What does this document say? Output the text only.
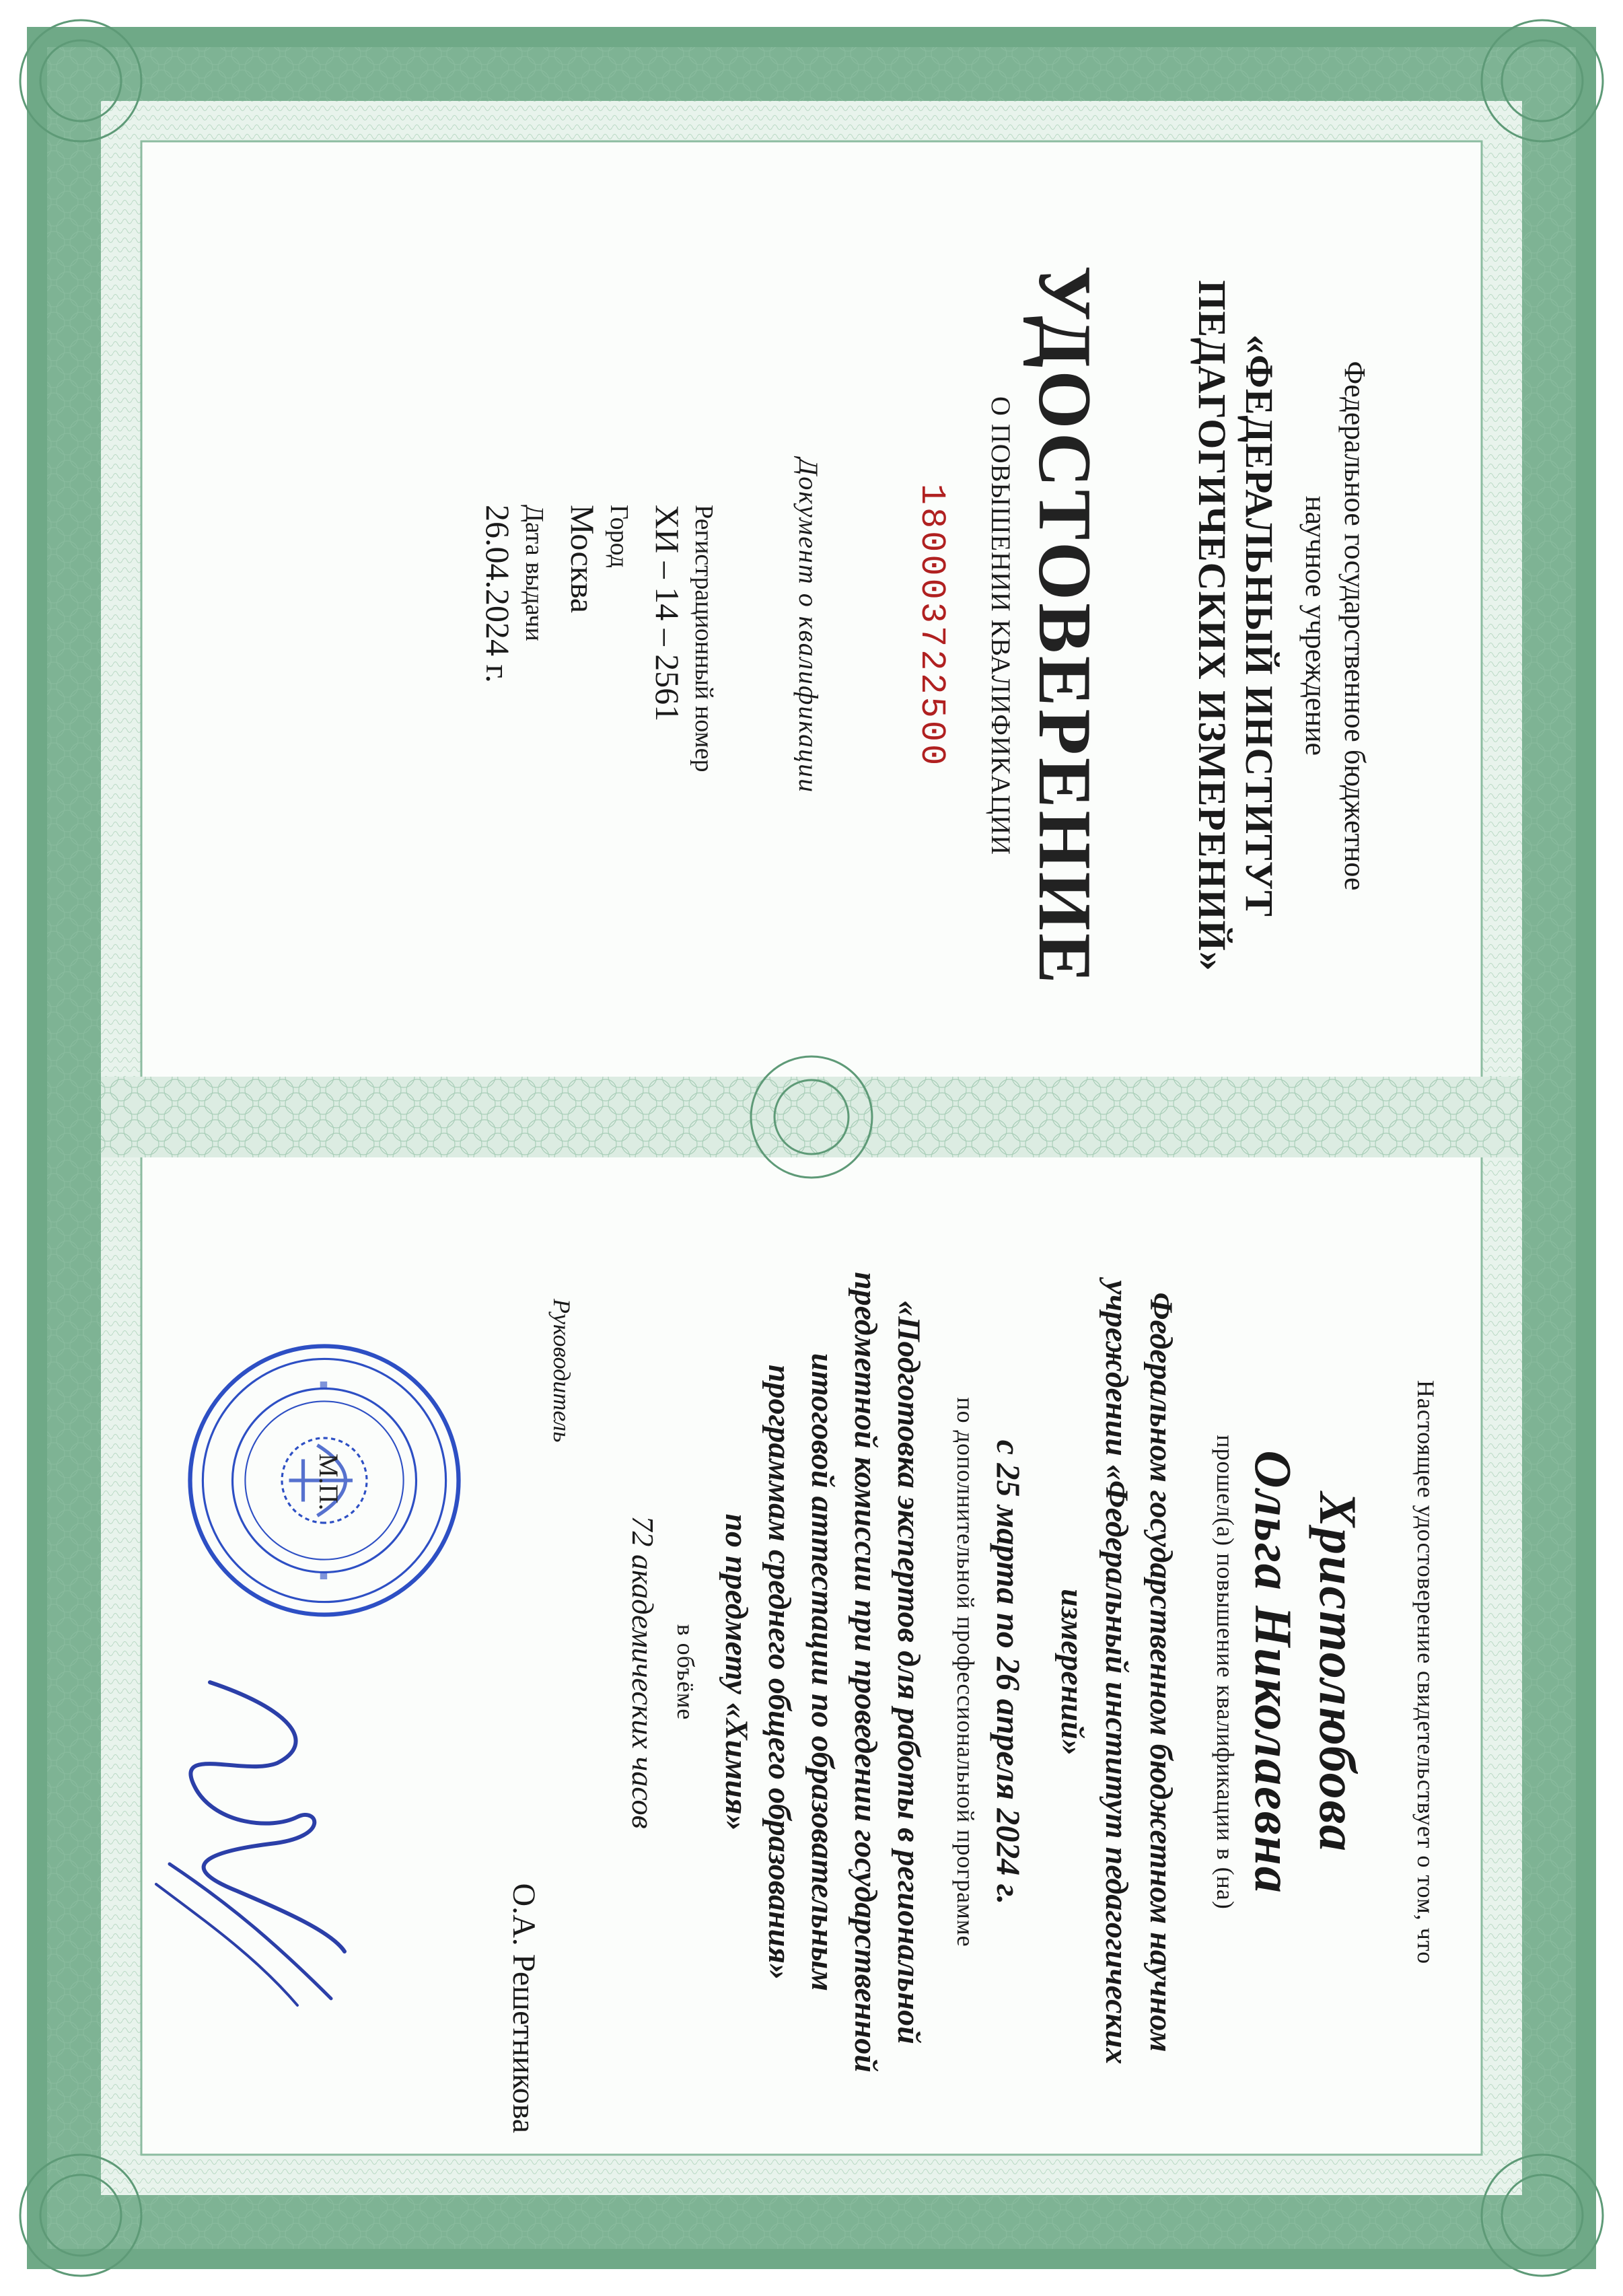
Федеральное государственное бюджетное
научное учреждение
«ФЕДЕРАЛЬНЫЙ ИНСТИТУТ
ПЕДАГОГИЧЕСКИХ ИЗМЕРЕНИЙ»
УДОСТОВЕРЕНИЕ
О ПОВЫШЕНИИ КВАЛИФИКАЦИИ
180003722500
Документ о квалификации
Регистрационный номер
ХИ – 14 – 2561
Город
Москва
Дата выдачи
26.04.2024 г.
Настоящее удостоверение свидетельствует о том, что
Христолюбова
Ольга Николаевна
прошел(а) повышение квалификации в (на)
Федеральном государственном бюджетном научном
учреждении «Федеральный институт педагогических
измерений»
с 25 марта по 26 апреля 2024 г.
по дополнительной профессиональной программе
«Подготовка экспертов для работы в региональной
предметной комиссии при проведении государственной
итоговой аттестации по образовательным
программам среднего общего образования»
по предмету «Химия»
в объёме
72 академических часов
Руководитель
О.А. Решетникова
М.П.
